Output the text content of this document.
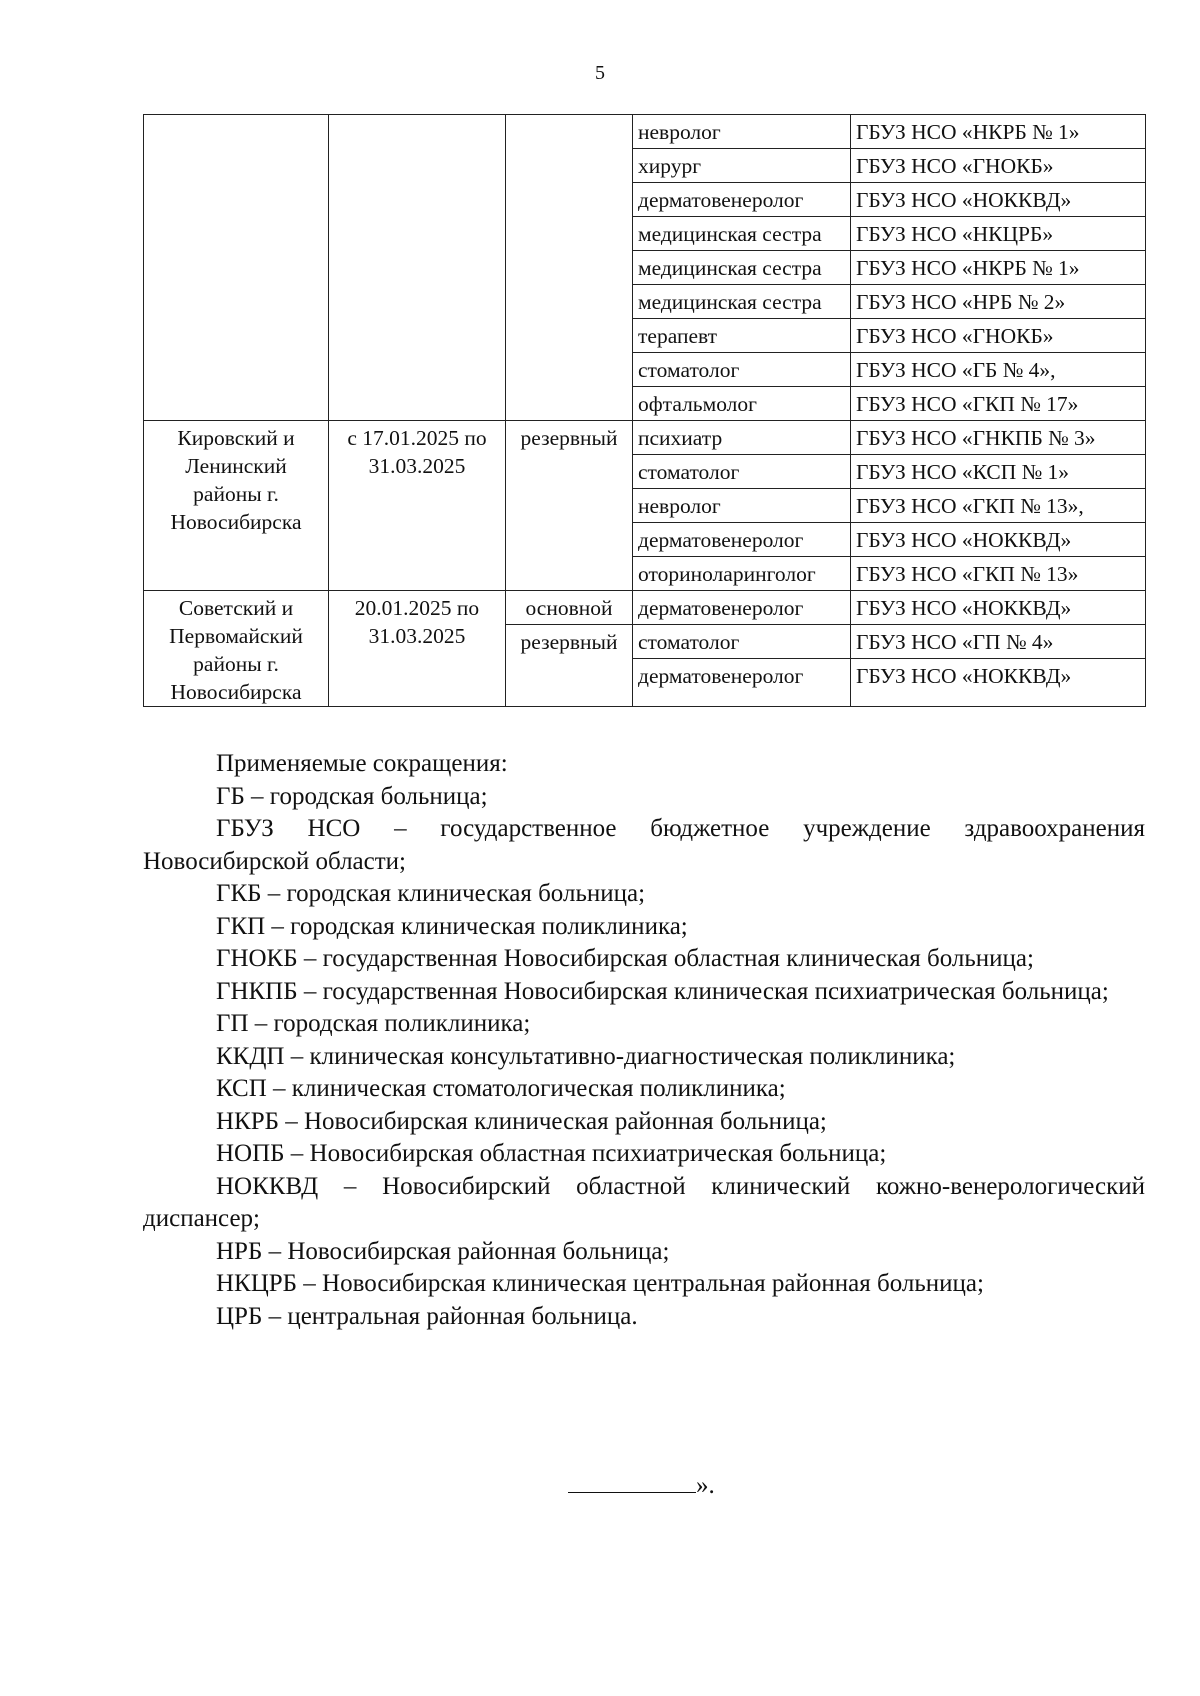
5
			невролог	ГБУЗ НСО «НКРБ № 1»
			хирург	ГБУЗ НСО «ГНОКБ»
			дерматовенеролог	ГБУЗ НСО «НОККВД»
			медицинская сестра	ГБУЗ НСО «НКЦРБ»
			медицинская сестра	ГБУЗ НСО «НКРБ № 1»
			медицинская сестра	ГБУЗ НСО «НРБ № 2»
			терапевт	ГБУЗ НСО «ГНОКБ»
			стоматолог	ГБУЗ НСО «ГБ № 4»,
			офтальмолог	ГБУЗ НСО «ГКП № 17»
Кировский и Ленинский районы г. Новосибирска	с 17.01.2025 по 31.03.2025	резервный	психиатр	ГБУЗ НСО «ГНКПБ № 3»
			стоматолог	ГБУЗ НСО «КСП № 1»
			невролог	ГБУЗ НСО «ГКП № 13»,
			дерматовенеролог	ГБУЗ НСО «НОККВД»
			оториноларинголог	ГБУЗ НСО «ГКП № 13»
Советский и Первомайский районы г. Новосибирска	20.01.2025 по 31.03.2025	основной	дерматовенеролог	ГБУЗ НСО «НОККВД»
		резервный	стоматолог	ГБУЗ НСО «ГП № 4»
			дерматовенеролог	ГБУЗ НСО «НОККВД»

Применяемые сокращения:

ГБ – городская больница;

ГБУЗ НСО – государственное бюджетное учреждение здравоохранения Новосибирской области;

ГКБ – городская клиническая больница;

ГКП – городская клиническая поликлиника;

ГНОКБ – государственная Новосибирская областная клиническая больница;

ГНКПБ – государственная Новосибирская клиническая психиатрическая больница;

ГП – городская поликлиника;

ККДП – клиническая консультативно-диагностическая поликлиника;

КСП – клиническая стоматологическая поликлиника;

НКРБ – Новосибирская клиническая районная больница;

НОПБ – Новосибирская областная психиатрическая больница;

НОККВД – Новосибирский областной клинический кожно-венерологический диспансер;

НРБ – Новосибирская районная больница;

НКЦРБ – Новосибирская клиническая центральная районная больница;

ЦРБ – центральная районная больница.

».
